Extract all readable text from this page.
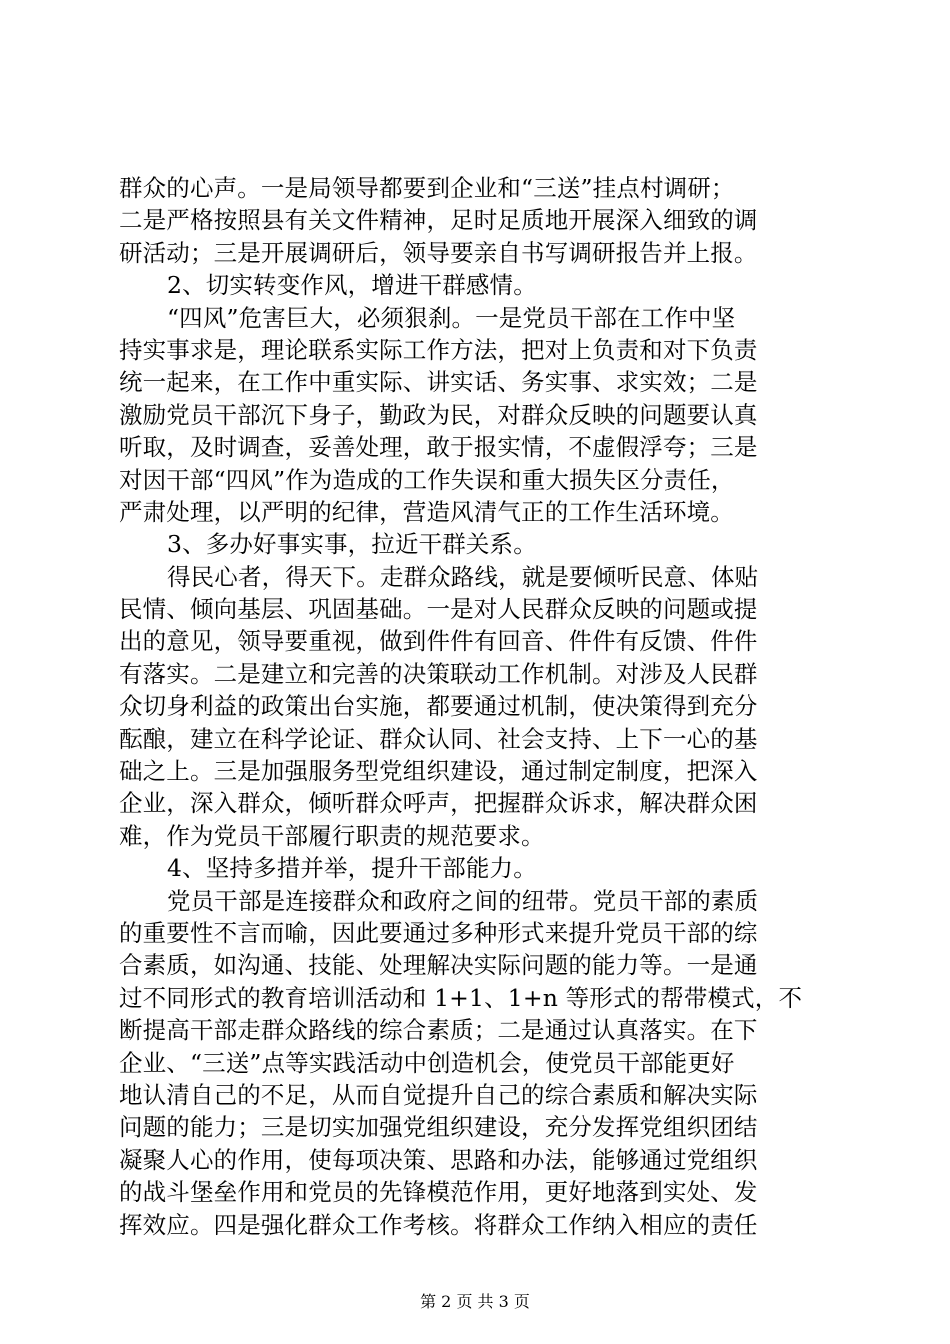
群众的心声。一是局领导都要到企业和“三送”挂点村调研；
二是严格按照县有关文件精神，足时足质地开展深入细致的调
研活动；三是开展调研后，领导要亲自书写调研报告并上报。
2、切实转变作风，增进干群感情。
“四风”危害巨大，必须狠刹。一是党员干部在工作中坚
持实事求是，理论联系实际工作方法，把对上负责和对下负责
统一起来，在工作中重实际、讲实话、务实事、求实效；二是
激励党员干部沉下身子，勤政为民，对群众反映的问题要认真
听取，及时调查，妥善处理，敢于报实情，不虚假浮夸；三是
对因干部“四风”作为造成的工作失误和重大损失区分责任，
严肃处理，以严明的纪律，营造风清气正的工作生活环境。
3、多办好事实事，拉近干群关系。
得民心者，得天下。走群众路线，就是要倾听民意、体贴
民情、倾向基层、巩固基础。一是对人民群众反映的问题或提
出的意见，领导要重视，做到件件有回音、件件有反馈、件件
有落实。二是建立和完善的决策联动工作机制。对涉及人民群
众切身利益的政策出台实施，都要通过机制，使决策得到充分
酝酿，建立在科学论证、群众认同、社会支持、上下一心的基
础之上。三是加强服务型党组织建设，通过制定制度，把深入
企业，深入群众，倾听群众呼声，把握群众诉求，解决群众困
难，作为党员干部履行职责的规范要求。
4、坚持多措并举，提升干部能力。
党员干部是连接群众和政府之间的纽带。党员干部的素质
的重要性不言而喻，因此要通过多种形式来提升党员干部的综
合素质，如沟通、技能、处理解决实际问题的能力等。一是通
过不同形式的教育培训活动和 1+1、1+n 等形式的帮带模式，不
断提高干部走群众路线的综合素质；二是通过认真落实。在下
企业、“三送”点等实践活动中创造机会，使党员干部能更好
地认清自己的不足，从而自觉提升自己的综合素质和解决实际
问题的能力；三是切实加强党组织建设，充分发挥党组织团结
凝聚人心的作用，使每项决策、思路和办法，能够通过党组织
的战斗堡垒作用和党员的先锋模范作用，更好地落到实处、发
挥效应。四是强化群众工作考核。将群众工作纳入相应的责任
第 2 页 共 3 页
